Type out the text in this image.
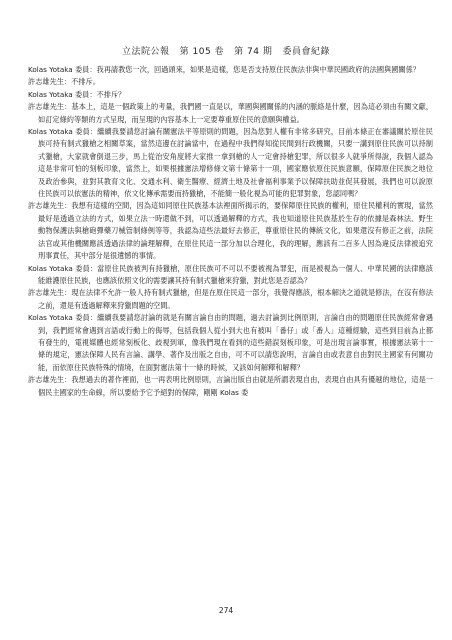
立法院公報 第 105 卷 第 74 期 委員會紀錄

Kolas Yotaka 委員：我再請教您一次，回過頭來，如果是這樣，您是否支持原住民族法非與中華民國政府的法國與國關係？

許志雄先生：不排斥。

Kolas Yotaka 委員：不排斥？

許志雄先生：基本上，這是一個政策上的考量，我們國一直是以，華國與國關係的內涵的脈絡是什麼，因為這必須由有關文獻，如訂定條約等類的方式呈現，而呈現的內容基本上一定要尊重原住民的意願與權益。

Kolas Yotaka 委員：繼續我要請您討論有關憲法平等原則的問題，因為您對人權有非常多研究，目前本條正在審議關於原住民族可持有制式獵槍之相關草案，當然這邊在討論當中，在過程中我們得知從民間到行政機關，只要一講到原住民族可以持制式獵槍，大家就會倒退三步，馬上從治安角度將大家推一拿到槍的人一定會持槍犯罪，所以很多人就爭所得說，我個人認為這是非常可怕的刻板印象，當然上，如果根據憲法增修條文第十條第十一項，國家應依原住民族意願，保障原住民族之地位及政治參與，並對其教育文化、交通水利、衛生醫療、經濟土地及社會福利事業予以保障扶助並促其發展，我們也可以說原住民族可以依憲法的精神，依文化傳承需要而持獵槍，不能簡一般化視為可能的犯罪對象，您認同嗎？

許志雄先生：我想有這樣的空間，因為這如同原住民族基本法裡面所揭示的，要保障原住民族的權利，原住民權利的實現，當然最好是透過立法的方式，如果立法一時還做不到，可以透過解釋的方式，我也知道原住民族基於生存的依據是森林法、野生動物保護法與槍砲彈藥刀械管制條例等等，我認為這些法最好去修正，尊重原住民的傳統文化，如果還沒有修正之前，法院法官或其他機關應該透過法律的論理解釋，在原住民這一部分加以合理化，我的理解，應該有二百多人因為違反法律被追究刑事責任，其中部分是很遺憾的事情。

Kolas Yotaka 委員：當原住民族被判有持獵槍，原住民族可不可以不要被視為罪犯，而是被視為一個人、中華民國的法律應該能維護原住民族，也應該依照文化的需要讓其持有制式獵槍來狩獵，對此您是否認為？

許志雄先生：現在法律不允許一般人持有制式獵槍，但是在原住民這一部分，我覺得應該，根本解決之道就是修法，在沒有修法之前，還是有透過解釋來狩獵問題的空間。

Kolas Yotaka 委員：繼續我要請您討論的就是有關言論自由的問題，過去討論到比例原則，言論自由的問題原住民族經常會遇到，我們經常會遇到言語或行動上的侮辱，包括我個人從小到大也有被叫「番仔」或「番人」這種經驗，這些到目前為止都有發生的，電視媒體也經常刻板化、歧視到軍，像我們現在看到的這些錯誤刻板印象，可是出現言論事實，根據憲法第十一條的規定，憲法保障人民有言論、講學、著作及出版之自由，可不可以請您說明，言論自由或表意自由對民主國家有何關功能，而依原住民族特殊的情境，在面對憲法第十一條的時候，又該如何解釋和解釋？

許志雄先生：我想過去的著作裡面，也一再表明比例原則，言論出版自由就是所謂表現自由，表現自由具有優越的地位，這是一個民主國家的生命線，所以要給予它予絕對的保障，剛剛 Kolas 委

274
